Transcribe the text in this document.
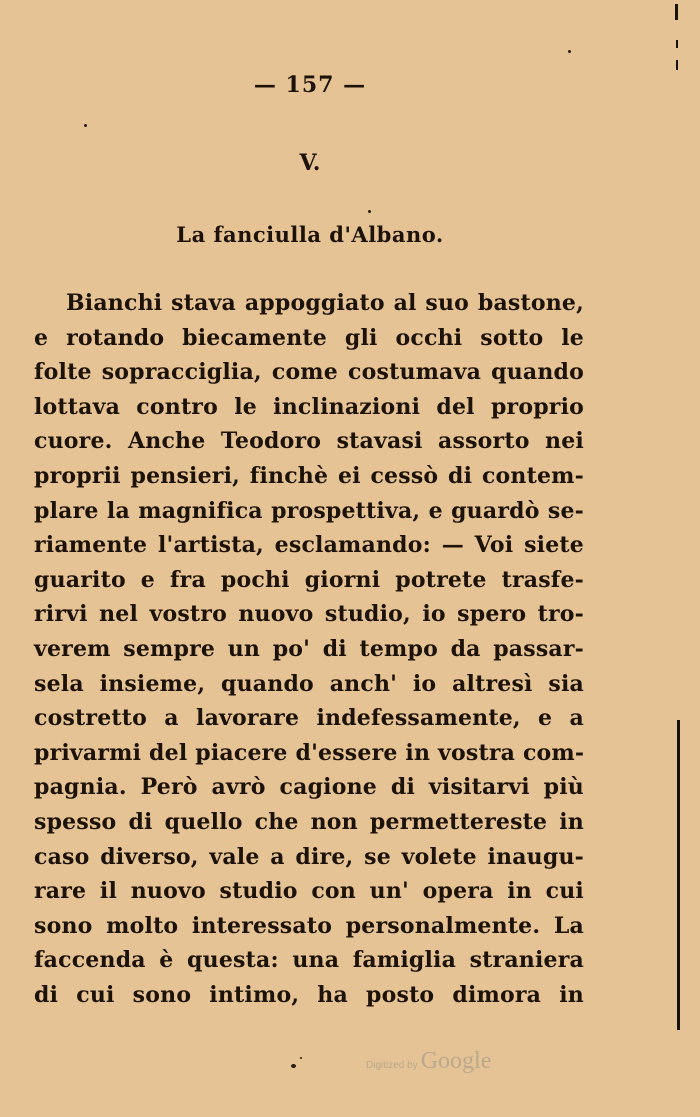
— 157 —
V.
La fanciulla d'Albano.
Bianchi stava appoggiato al suo bastone,
e rotando biecamente gli occhi sotto le
folte sopracciglia, come costumava quando
lottava contro le inclinazioni del proprio
cuore. Anche Teodoro stavasi assorto nei
proprii pensieri, finchè ei cessò di contem-
plare la magnifica prospettiva, e guardò se-
riamente l'artista, esclamando: — Voi siete
guarito e fra pochi giorni potrete trasfe-
rirvi nel vostro nuovo studio, io spero tro-
verem sempre un po' di tempo da passar-
sela insieme, quando anch' io altresì sia
costretto a lavorare indefessamente, e a
privarmi del piacere d'essere in vostra com-
pagnia. Però avrò cagione di visitarvi più
spesso di quello che non permettereste in
caso diverso, vale a dire, se volete inaugu-
rare il nuovo studio con un' opera in cui
sono molto interessato personalmente. La
faccenda è questa: una famiglia straniera
di cui sono intimo, ha posto dimora in
Digitized by Google
